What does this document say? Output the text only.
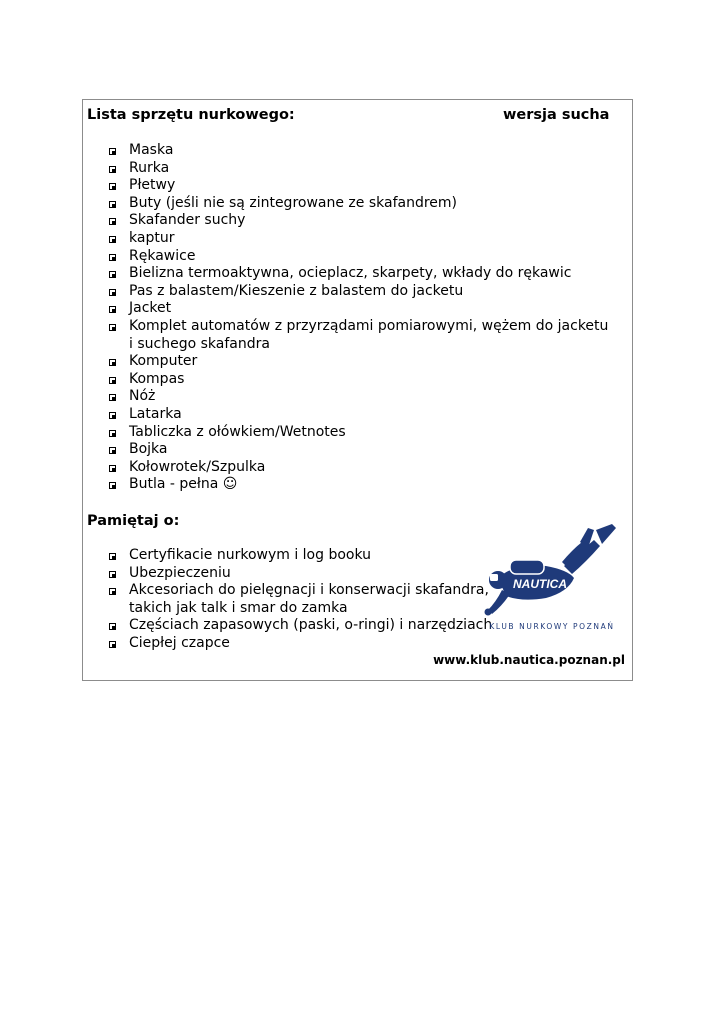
Lista sprzętu nurkowego:	wersja sucha
Maska
Rurka
Płetwy
Buty (jeśli nie są zintegrowane ze skafandrem)
Skafander suchy
kaptur
Rękawice
Bielizna termoaktywna, ocieplacz, skarpety, wkłady do rękawic
Pas z balastem/Kieszenie z balastem do jacketu
Jacket
Komplet automatów z przyrządami pomiarowymi, wężem do jacketu
i suchego skafandra
Komputer
Kompas
Nóż
Latarka
Tabliczka z ołówkiem/Wetnotes
Bojka
Kołowrotek/Szpulka
Butla - pełna ☺
Pamiętaj o:
Certyfikacie nurkowym i log booku
Ubezpieczeniu
Akcesoriach do pielęgnacji i konserwacji skafandra,
takich jak talk i smar do zamka
Częściach zapasowych (paski, o-ringi) i narzędziach
Ciepłej czapce
NAUTICA
KLUB NURKOWY POZNAŃ
www.klub.nautica.poznan.pl
